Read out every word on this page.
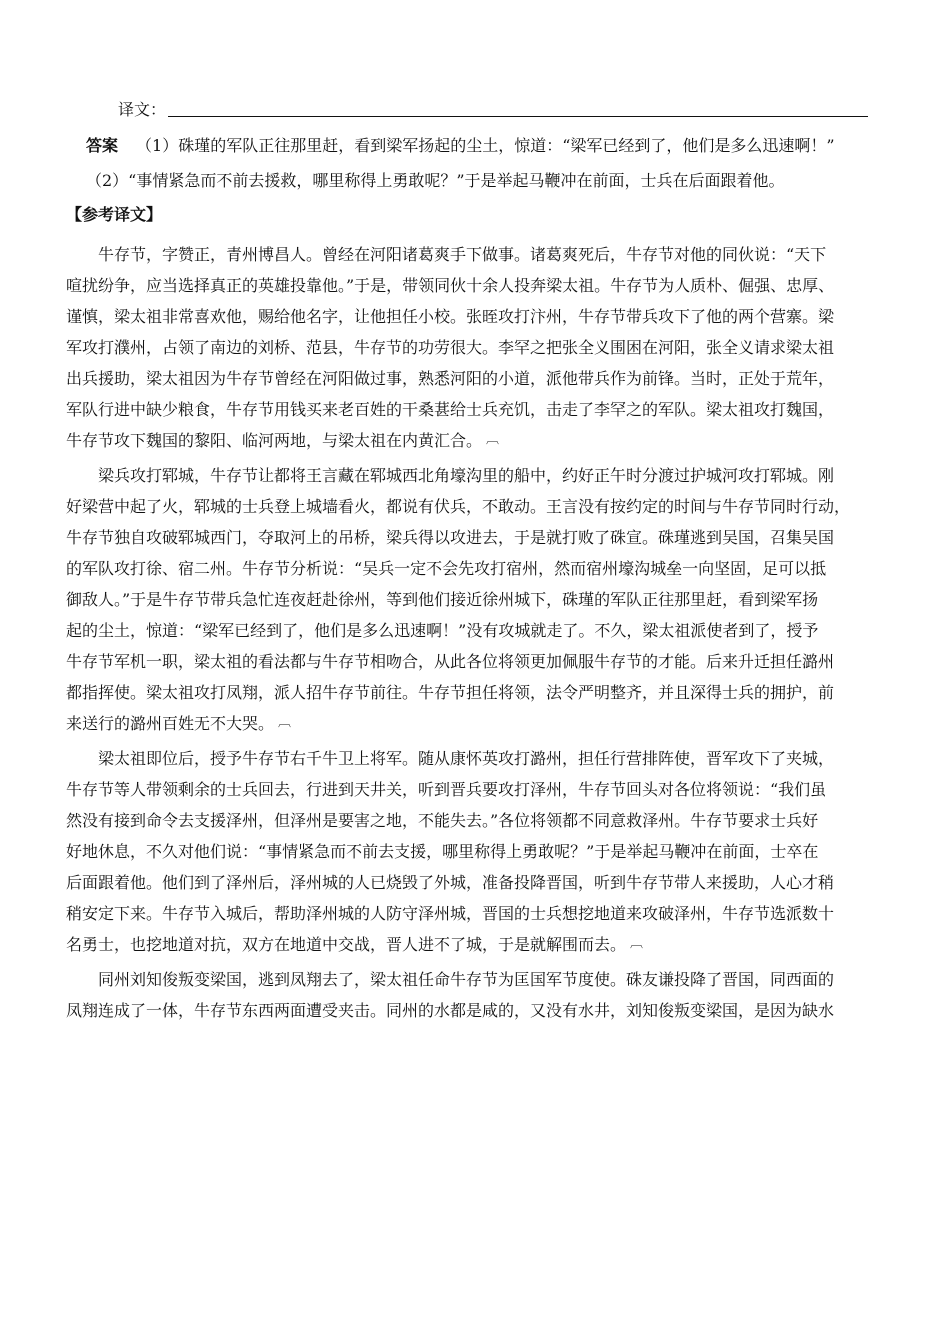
译文：
答案 （1）硃瑾的军队正往那里赶，看到梁军扬起的尘土，惊道：“梁军已经到了，他们是多么迅速啊！”
（2）“事情紧急而不前去援救，哪里称得上勇敢呢？”于是举起马鞭冲在前面，士兵在后面跟着他。
【参考译文】
牛存节，字赞正，青州博昌人。曾经在河阳诸葛爽手下做事。诸葛爽死后，牛存节对他的同伙说：“天下
喧扰纷争，应当选择真正的英雄投靠他。”于是，带领同伙十余人投奔梁太祖。牛存节为人质朴、倔强、忠厚、
谨慎，梁太祖非常喜欢他，赐给他名字，让他担任小校。张晊攻打汴州，牛存节带兵攻下了他的两个营寨。梁
军攻打濮州，占领了南边的刘桥、范县，牛存节的功劳很大。李罕之把张全义围困在河阳，张全义请求梁太祖
出兵援助，梁太祖因为牛存节曾经在河阳做过事，熟悉河阳的小道，派他带兵作为前锋。当时，正处于荒年，
军队行进中缺少粮食，牛存节用钱买来老百姓的干桑葚给士兵充饥，击走了李罕之的军队。梁太祖攻打魏国，
牛存节攻下魏国的黎阳、临河两地，与梁太祖在内黄汇合。 ︹
梁兵攻打郓城，牛存节让都将王言藏在郓城西北角壕沟里的船中，约好正午时分渡过护城河攻打郓城。刚
好梁营中起了火，郓城的士兵登上城墙看火，都说有伏兵，不敢动。王言没有按约定的时间与牛存节同时行动，
牛存节独自攻破郓城西门，夺取河上的吊桥，梁兵得以攻进去，于是就打败了硃宣。硃瑾逃到吴国，召集吴国
的军队攻打徐、宿二州。牛存节分析说：“吴兵一定不会先攻打宿州，然而宿州壕沟城垒一向坚固，足可以抵
御敌人。”于是牛存节带兵急忙连夜赶赴徐州，等到他们接近徐州城下，硃瑾的军队正往那里赶，看到梁军扬
起的尘土，惊道：“梁军已经到了，他们是多么迅速啊！”没有攻城就走了。不久，梁太祖派使者到了，授予
牛存节军机一职，梁太祖的看法都与牛存节相吻合，从此各位将领更加佩服牛存节的才能。后来升迁担任潞州
都指挥使。梁太祖攻打凤翔，派人招牛存节前往。牛存节担任将领，法令严明整齐，并且深得士兵的拥护，前
来送行的潞州百姓无不大哭。 ︹
梁太祖即位后，授予牛存节右千牛卫上将军。随从康怀英攻打潞州，担任行营排阵使，晋军攻下了夹城，
牛存节等人带领剩余的士兵回去，行进到天井关，听到晋兵要攻打泽州，牛存节回头对各位将领说：“我们虽
然没有接到命令去支援泽州，但泽州是要害之地，不能失去。”各位将领都不同意救泽州。牛存节要求士兵好
好地休息，不久对他们说：“事情紧急而不前去支援，哪里称得上勇敢呢？”于是举起马鞭冲在前面，士卒在
后面跟着他。他们到了泽州后，泽州城的人已烧毁了外城，准备投降晋国，听到牛存节带人来援助，人心才稍
稍安定下来。牛存节入城后，帮助泽州城的人防守泽州城，晋国的士兵想挖地道来攻破泽州，牛存节选派数十
名勇士，也挖地道对抗，双方在地道中交战，晋人进不了城，于是就解围而去。 ︹
同州刘知俊叛变梁国，逃到凤翔去了，梁太祖任命牛存节为匡国军节度使。硃友谦投降了晋国，同西面的
凤翔连成了一体，牛存节东西两面遭受夹击。同州的水都是咸的，又没有水井，刘知俊叛变梁国，是因为缺水
